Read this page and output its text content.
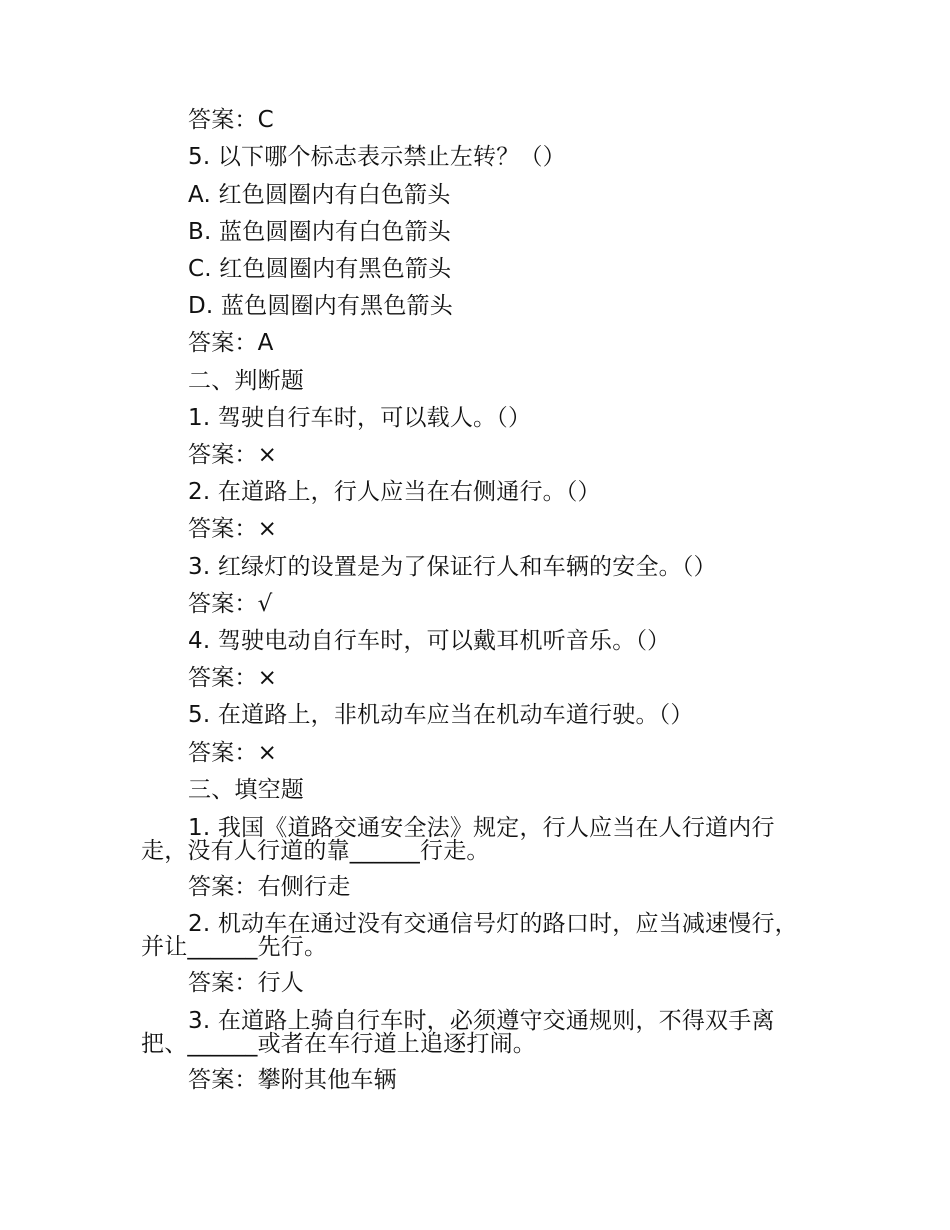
答案：C
5. 以下哪个标志表示禁止左转？（）
A. 红色圆圈内有白色箭头
B. 蓝色圆圈内有白色箭头
C. 红色圆圈内有黑色箭头
D. 蓝色圆圈内有黑色箭头
答案：A
二、判断题
1. 驾驶自行车时，可以载人。（）
答案：×
2. 在道路上，行人应当在右侧通行。（）
答案：×
3. 红绿灯的设置是为了保证行人和车辆的安全。（）
答案：√
4. 驾驶电动自行车时，可以戴耳机听音乐。（）
答案：×
5. 在道路上，非机动车应当在机动车道行驶。（）
答案：×
三、填空题
1. 我国《道路交通安全法》规定，行人应当在人行道内行走，没有人行道的靠______行走。
答案：右侧行走
2. 机动车在通过没有交通信号灯的路口时，应当减速慢行，并让______先行。
答案：行人
3. 在道路上骑自行车时，必须遵守交通规则，不得双手离把、______或者在车行道上追逐打闹。
答案：攀附其他车辆
